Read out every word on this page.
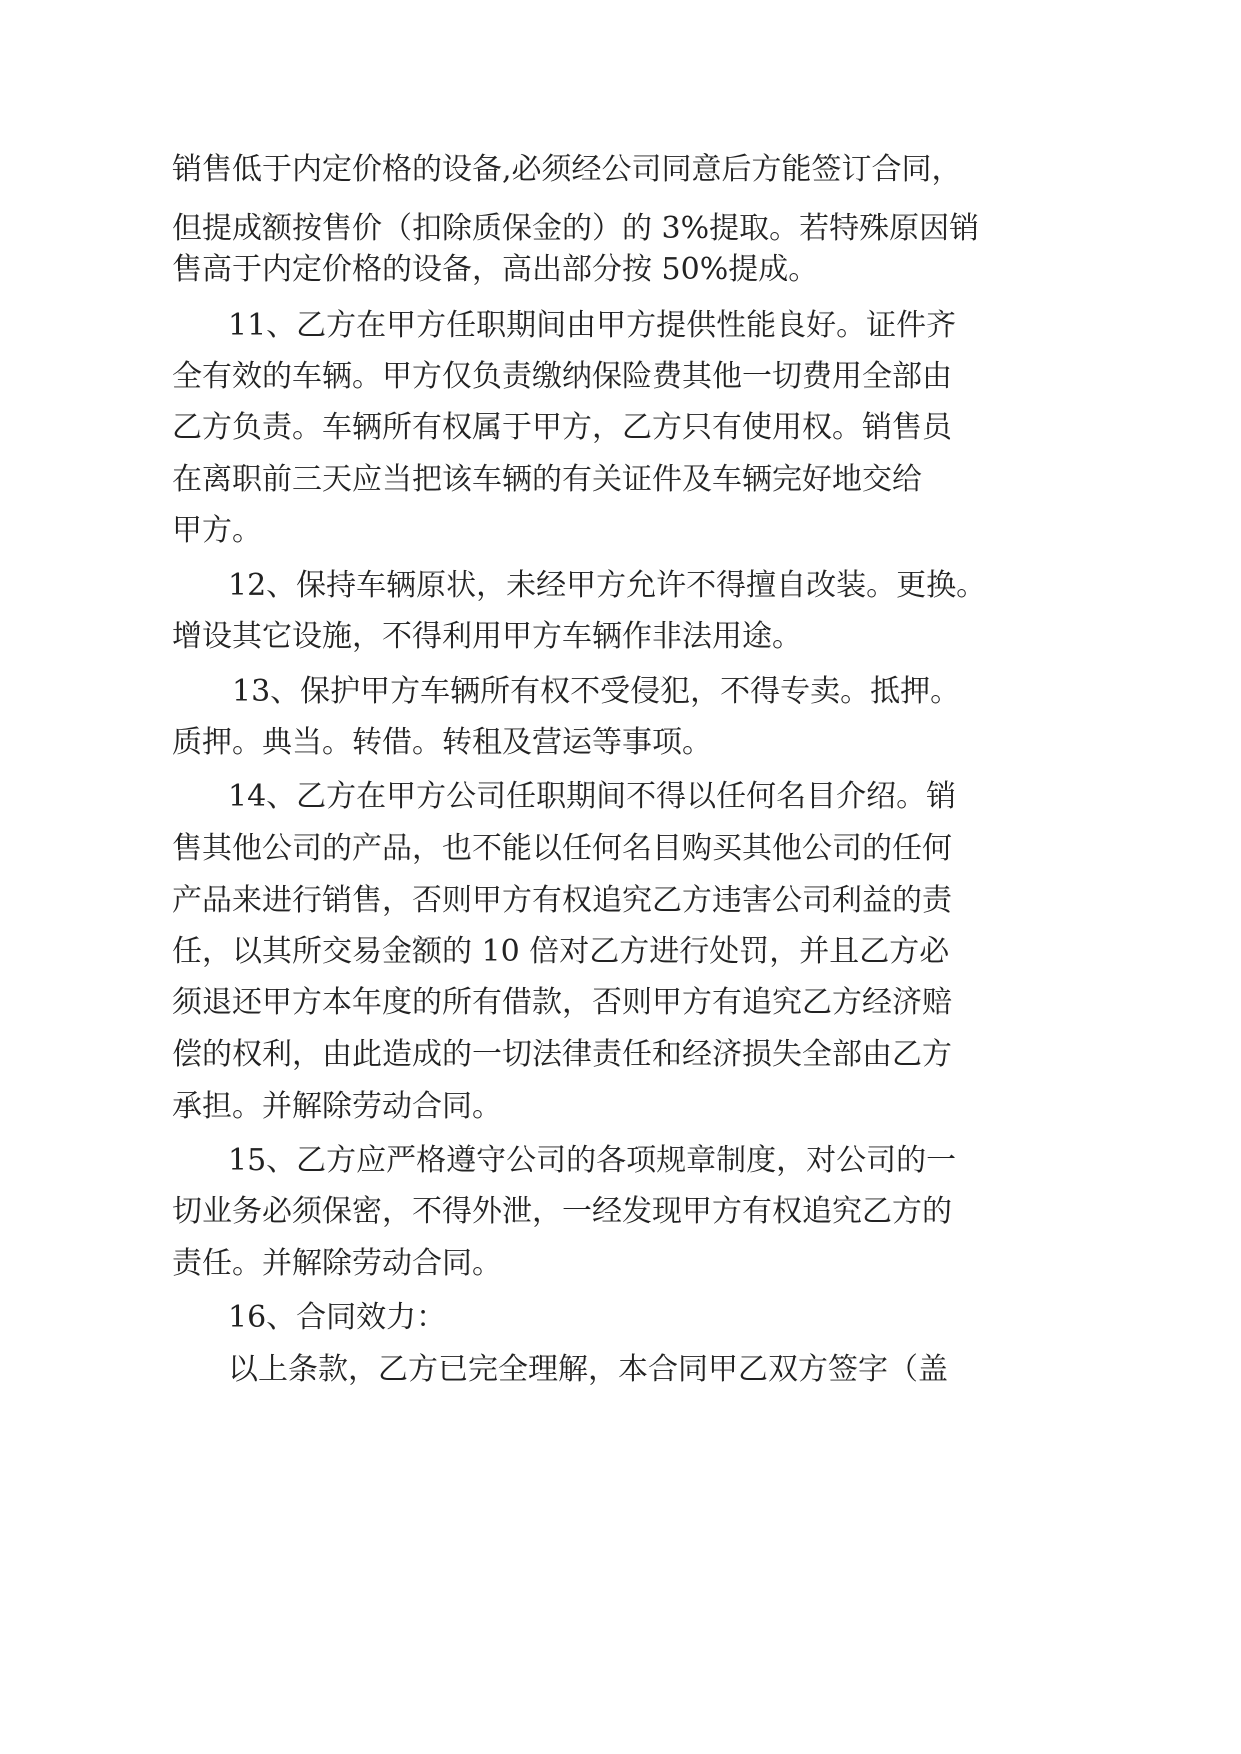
销售低于内定价格的设备,必须经公司同意后方能签订合同，
但提成额按售价（扣除质保金的）的 3%提取。若特殊原因销
售高于内定价格的设备，高出部分按 50%提成。
11、乙方在甲方任职期间由甲方提供性能良好。证件齐
全有效的车辆。甲方仅负责缴纳保险费其他一切费用全部由
乙方负责。车辆所有权属于甲方，乙方只有使用权。销售员
在离职前三天应当把该车辆的有关证件及车辆完好地交给
甲方。
12、保持车辆原状，未经甲方允许不得擅自改装。更换。
增设其它设施，不得利用甲方车辆作非法用途。
13、保护甲方车辆所有权不受侵犯，不得专卖。抵押。
质押。典当。转借。转租及营运等事项。
14、乙方在甲方公司任职期间不得以任何名目介绍。销
售其他公司的产品，也不能以任何名目购买其他公司的任何
产品来进行销售，否则甲方有权追究乙方违害公司利益的责
任，以其所交易金额的 10 倍对乙方进行处罚，并且乙方必
须退还甲方本年度的所有借款，否则甲方有追究乙方经济赔
偿的权利，由此造成的一切法律责任和经济损失全部由乙方
承担。并解除劳动合同。
15、乙方应严格遵守公司的各项规章制度，对公司的一
切业务必须保密，不得外泄，一经发现甲方有权追究乙方的
责任。并解除劳动合同。
16、合同效力：
以上条款，乙方已完全理解，本合同甲乙双方签字（盖
